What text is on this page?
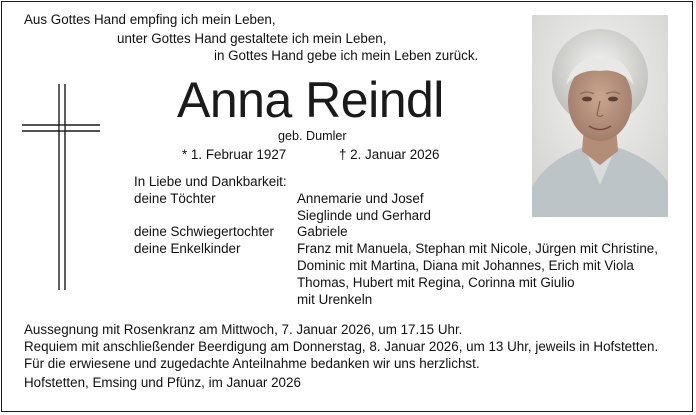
Aus Gottes Hand empfing ich mein Leben,
unter Gottes Hand gestaltete ich mein Leben,
in Gottes Hand gebe ich mein Leben zurück.
Anna Reindl
geb. Dumler
* 1. Februar 1927	† 2. Januar 2026
In Liebe und Dankbarkeit:
deine Töchter	Annemarie und Josef
Sieglinde und Gerhard
deine Schwiegertochter Gabriele
deine Enkelkinder	Franz mit Manuela, Stephan mit Nicole, Jürgen mit Christine,
Dominic mit Martina, Diana mit Johannes, Erich mit Viola
Thomas, Hubert mit Regina, Corinna mit Giulio
mit Urenkeln
Aussegnung mit Rosenkranz am Mittwoch, 7. Januar 2026, um 17.15 Uhr.
Requiem mit anschließender Beerdigung am Donnerstag, 8. Januar 2026, um 13 Uhr, jeweils in Hofstetten.
Für die erwiesene und zugedachte Anteilnahme bedanken wir uns herzlichst.
Hofstetten, Emsing und Pfünz, im Januar 2026
